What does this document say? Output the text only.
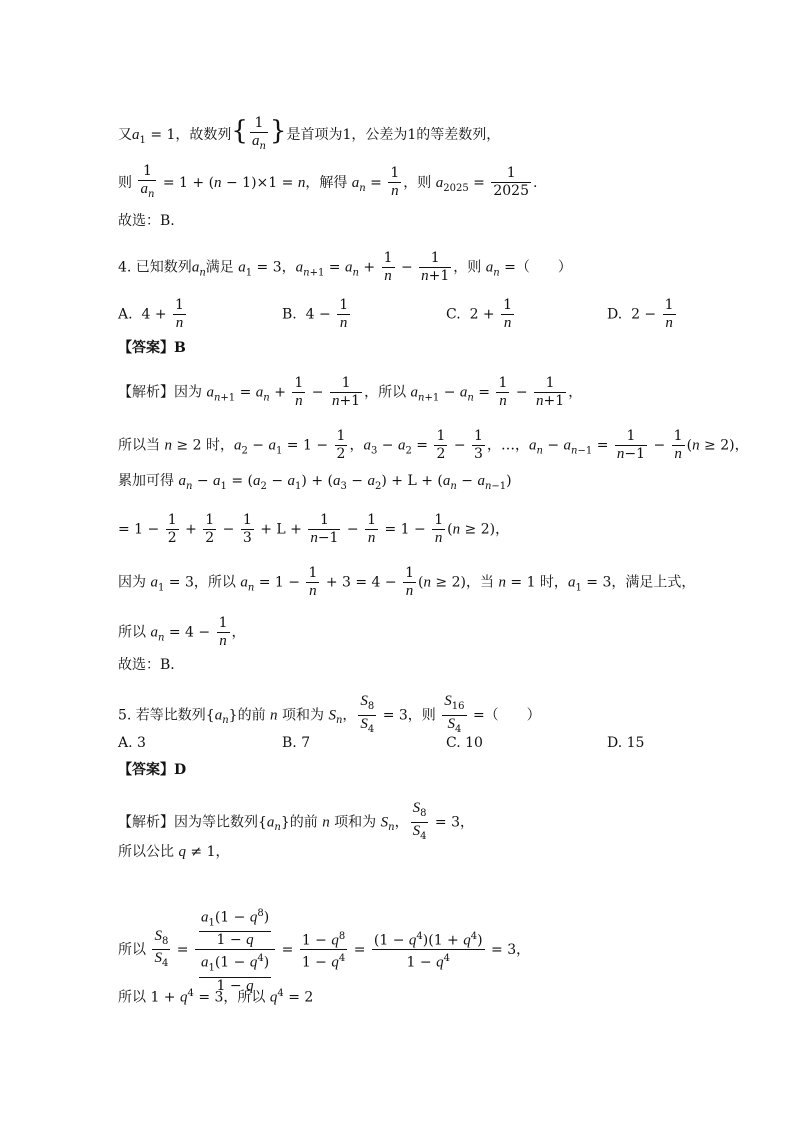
又$a_1 = 1$，故数列{ $\frac{1}{a_n}$ }是首项为1，公差为1的等差数列，
则 $\frac{1}{a_n} = 1 + (n - 1)\times 1 = n$，解得 $a_n = \frac{1}{n}$ ，则 $a_{2025} = \frac{1}{2025}$ .
故选：B.
4. 已知数列$a_n$满足 $a_1 = 3$，$a_{n+1} = a_n + \frac{1}{n} - \frac{1}{n+1}$ ，则 $a_n$ =（　　）
A.  $4 + \frac{1}{n}$	B.  $4 - \frac{1}{n}$	C.  $2 + \frac{1}{n}$	D.  $2 - \frac{1}{n}$
【答案】B
【解析】因为 $a_{n+1} = a_n + \frac{1}{n} - \frac{1}{n+1}$ ，所以 $a_{n+1} - a_n = \frac{1}{n} - \frac{1}{n+1}$ ，
所以当 n ≥ 2 时，$a_2 - a_1 = 1 - \frac{1}{2}$ ，$a_3 - a_2 = \frac{1}{2} - \frac{1}{3}$ ，…，$a_n - a_{n-1} = \frac{1}{n-1} - \frac{1}{n} (n \ge 2)$，
累加可得 $a_n - a_1 = (a_2 - a_1) + (a_3 - a_2) + L + (a_n - a_{n-1})$
= $1 - \frac{1}{2} + \frac{1}{2} - \frac{1}{3} + L + \frac{1}{n-1} - \frac{1}{n} = 1 - \frac{1}{n} (n \ge 2)$，
因为 $a_1 = 3$，所以 $a_n = 1 - \frac{1}{n} + 3 = 4 - \frac{1}{n} (n \ge 2)$，当 n = 1 时，$a_1 = 3$，满足上式，
所以 $a_n = 4 - \frac{1}{n}$ ，
故选：B．
5. 若等比数列$\{a_n\}$的前 n 项和为 $S_n$， $\frac{S_8}{S_4} = 3$，则 $\frac{S_{16}}{S_4}$ =（　　）
A. 3	B. 7	C. 10	D. 15
【答案】D
【解析】因为等比数列$\{a_n\}$的前 n 项和为 $S_n$， $\frac{S_8}{S_4} = 3$，
所以公比 q ≠ 1，
所以 $\frac{S_8}{S_4} = \frac{\frac{a_1(1 - q^8)}{1 - q}}{\frac{a_1(1 - q^4)}{1 - q}} = \frac{1 - q^8}{1 - q^4} = \frac{(1 - q^4)(1 + q^4)}{1 - q^4} = 3$，
所以 $1 + q^4 = 3$，所以 $q^4 = 2$
